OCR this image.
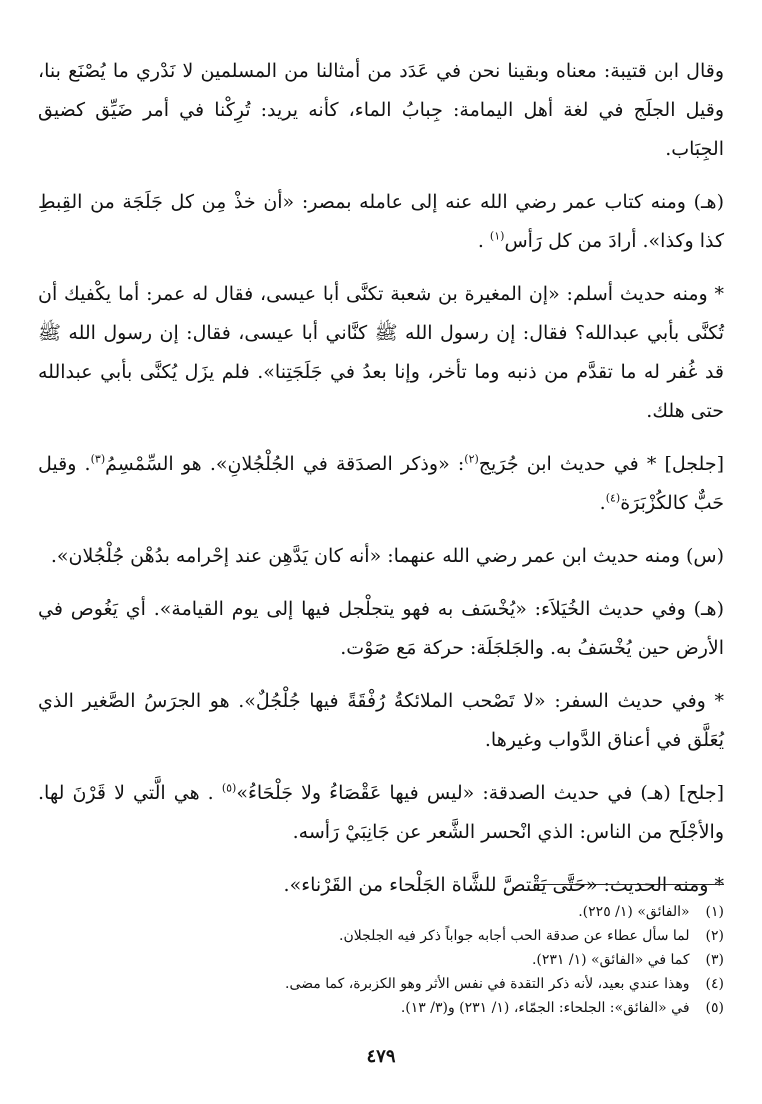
وقال ابن قتيبة: معناه وبقينا نحن في عَدَد من أمثالنا من المسلمين لا نَدْري ما يُصْنَع بنا، وقيل الجلَج في لغة أهل اليمامة: جِبابُ الماء، كأنه يريد: تُرِكْنا في أمر ضَيِّق كضيق الجِبَاب.

(هـ) ومنه كتاب عمر رضي الله عنه إلى عامله بمصر: «أن خذْ مِن كل جَلَجَة من القِبطِ كذا وكذا». أرادَ من كل رَأس$^{(١)}$ .

* ومنه حديث أسلم: «إن المغيرة بن شعبة تكنَّى أبا عيسى، فقال له عمر: أما يكْفيك أن تُكنَّى بأبي عبدالله؟ فقال: إن رسول الله ﷺ كنَّاني أبا عيسى، فقال: إن رسول الله ﷺ قد غُفر له ما تقدَّم من ذنبه وما تأخر، وإنا بعدُ في جَلَجَتِنا». فلم يزَل يُكنَّى بأبي عبدالله حتى هلك.

[جلجل] * في حديث ابن جُرَيج$^{(٢)}$: «وذكر الصدَقة في الجُلْجُلانِ». هو السِّمْسِمُ$^{(٣)}$. وقيل حَبٌّ كالكُزْبَرَة$^{(٤)}$.

(س) ومنه حديث ابن عمر رضي الله عنهما: «أنه كان يَدَّهِن عند إحْرامه بدُهْن جُلْجُلان».

(هـ) وفي حديث الخُيَلاَء: «يُخْسَف به فهو يتجلْجل فيها إلى يوم القيامة». أي يَغُوص في الأرض حين يُخْسَفُ به. والجَلجَلَة: حركة مَع صَوْت.

* وفي حديث السفر: «لا تَصْحب الملائكةُ رُفْقَةً فيها جُلْجُلٌ». هو الجرَسُ الصَّغير الذي يُعَلَّق في أعناق الدَّواب وغيرها.

[جلح] (هـ) في حديث الصدقة: «ليس فيها عَقْصَاءُ ولا جَلْحَاءُ»$^{(٥)}$ . هي الَّتي لا قَرْنَ لها. والأجْلَح من الناس: الذي انْحسر الشَّعر عن جَانِبَيْ رَأسه.

* ومنه الحديث: «حَتَّى يَقْتصَّ للشَّاة الجَلْحاء من القَرْناء».

(١) «الفائق» (١/ ٢٢٥).

(٢) لما سأل عطاء عن صدقة الحب أجابه جواباً ذكر فيه الجلجلان.

(٣) كما في «الفائق» (١/ ٢٣١).

(٤) وهذا عندي بعيد، لأنه ذكر التقدة في نفس الأثر وهو الكزبرة، كما مضى.

(٥) في «الفائق»: الجلحاء: الجمّاء، (١/ ٢٣١) و(٣/ ١٣).

٤٧٩
